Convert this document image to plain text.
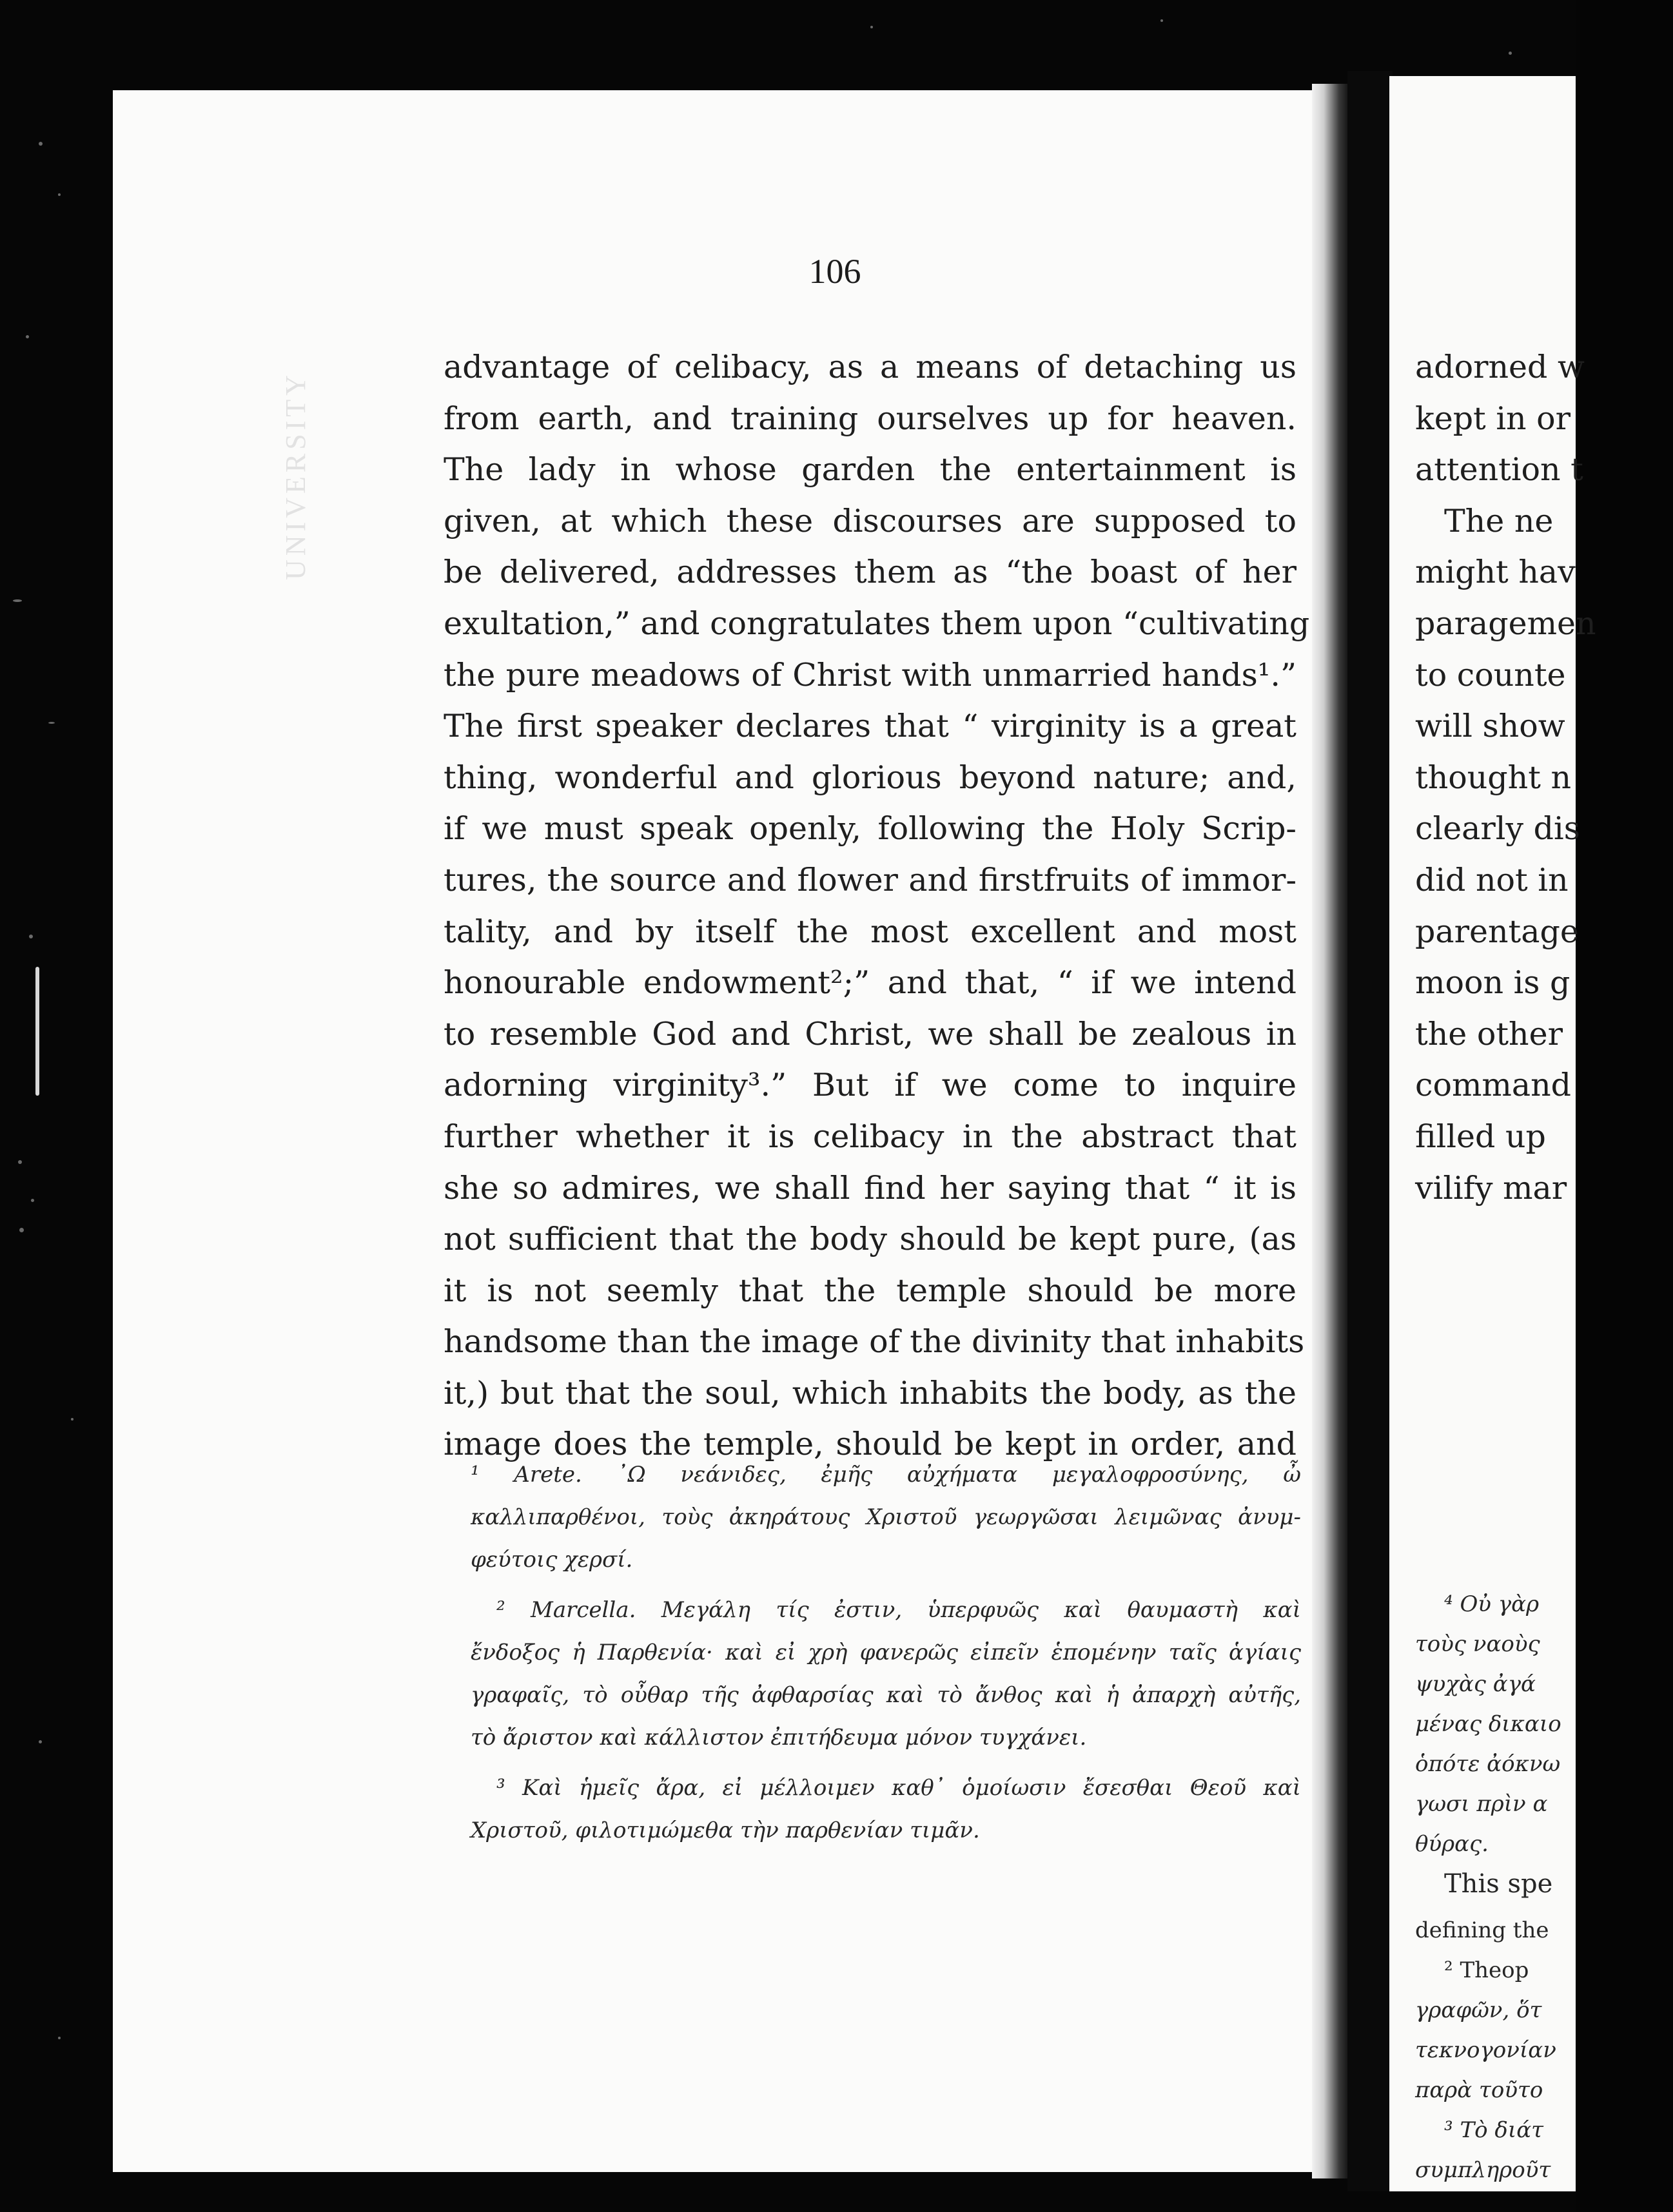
UNIVERSITY
106
advantage of celibacy, as a means of detaching us
from earth, and training ourselves up for heaven.
The lady in whose garden the entertainment is
given, at which these discourses are supposed to
be delivered, addresses them as “the boast of her
exultation,” and congratulates them upon “cultivating
the pure meadows of Christ with unmarried hands¹.”
The first speaker declares that “ virginity is a great
thing, wonderful and glorious beyond nature; and,
if we must speak openly, following the Holy Scrip-
tures, the source and flower and firstfruits of immor-
tality, and by itself the most excellent and most
honourable endowment²;” and that, “ if we intend
to resemble God and Christ, we shall be zealous in
adorning virginity³.” But if we come to inquire
further whether it is celibacy in the abstract that
she so admires, we shall find her saying that “ it is
not sufficient that the body should be kept pure, (as
it is not seemly that the temple should be more
handsome than the image of the divinity that inhabits
it,) but that the soul, which inhabits the body, as the
image does the temple, should be kept in order, and
¹ Arete. ᾿Ω νεάνιδες, ἐμῆς αὐχήματα μεγαλοφροσύνης, ὦ
καλλιπαρθένοι, τοὺς ἀκηράτους Χριστοῦ γεωργῶσαι λειμῶνας ἀνυμ-
φεύτοις χερσί.
² Marcella. Μεγάλη τίς ἐστιν, ὑπερφυῶς καὶ θαυμαστὴ καὶ
ἔνδοξος ἡ Παρθενία· καὶ εἰ χρὴ φανερῶς εἰπεῖν ἑπομένην ταῖς ἁγίαις
γραφαῖς, τὸ οὖθαρ τῆς ἀφθαρσίας καὶ τὸ ἄνθος καὶ ἡ ἀπαρχὴ αὐτῆς,
τὸ ἄριστον καὶ κάλλιστον ἐπιτήδευμα μόνον τυγχάνει.
³ Καὶ ἡμεῖς ἄρα, εἰ μέλλοιμεν καθ᾿ ὁμοίωσιν ἔσεσθαι Θεοῦ καὶ
Χριστοῦ, φιλοτιμώμεθα τὴν παρθενίαν τιμᾶν.
adorned w
kept in or
attention t
The ne
might hav
paragemen
to counte
will show
thought n
clearly dis
did not in
parentage
moon is g
the other
command
filled up
vilify mar
⁴ Οὐ γὰρ
τοὺς ναοὺς
ψυχὰς ἀγά
μένας δικαιο
ὁπότε ἀόκνω
γωσι πρὶν α
θύρας.
This spe
defining the
² Theop
γραφῶν, ὅτ
τεκνογονίαν
παρὰ τοῦτο
³ Τὸ διάτ
συμπληροῦτ
